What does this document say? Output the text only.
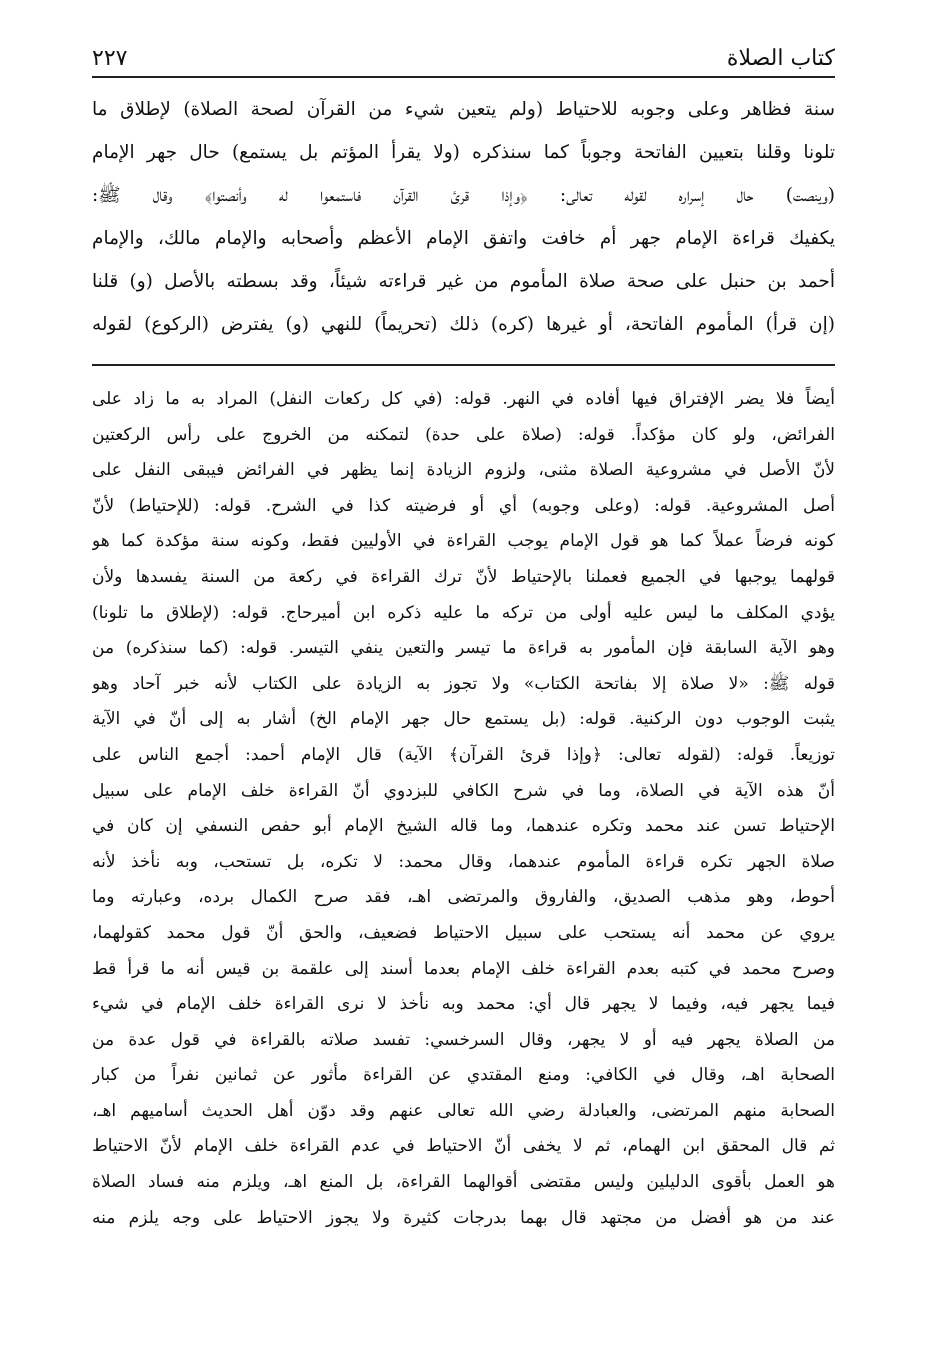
كتاب الصلاة
٢٢٧
سنة فظاهر وعلى وجوبه للاحتياط (ولم يتعين شيء من القرآن لصحة الصلاة) لإطلاق ما
تلونا وقلنا بتعيين الفاتحة وجوباً كما سنذكره (ولا يقرأ المؤتم بل يستمع) حال جهر الإمام
(وينصت) حال إسراره لقوله تعالى: ﴿وإذا قرئ القرآن فاستمعوا له وأنصتوا﴾ وقال ﷺ:
يكفيك قراءة الإمام جهر أم خافت واتفق الإمام الأعظم وأصحابه والإمام مالك، والإمام
أحمد بن حنبل على صحة صلاة المأموم من غير قراءته شيئاً، وقد بسطته بالأصل (و) قلنا
(إن قرأ) المأموم الفاتحة، أو غيرها (كره) ذلك (تحريماً) للنهي (و) يفترض (الركوع) لقوله
أيضاً فلا يضر الإفتراق فيها أفاده في النهر. قوله: (في كل ركعات النفل) المراد به ما زاد على
الفرائض، ولو كان مؤكداً. قوله: (صلاة على حدة) لتمكنه من الخروج على رأس الركعتين
لأنّ الأصل في مشروعية الصلاة مثنى، ولزوم الزيادة إنما يظهر في الفرائض فيبقى النفل على
أصل المشروعية. قوله: (وعلى وجوبه) أي أو فرضيته كذا في الشرح. قوله: (للإحتياط) لأنّ
كونه فرضاً عملاً كما هو قول الإمام يوجب القراءة في الأوليين فقط، وكونه سنة مؤكدة كما هو
قولهما يوجبها في الجميع فعملنا بالإحتياط لأنّ ترك القراءة في ركعة من السنة يفسدها ولأن
يؤدي المكلف ما ليس عليه أولى من تركه ما عليه ذكره ابن أميرحاج. قوله: (لإطلاق ما تلونا)
وهو الآية السابقة فإن المأمور به قراءة ما تيسر والتعين ينفي التيسر. قوله: (كما سنذكره) من
قوله ﷺ: «لا صلاة إلا بفاتحة الكتاب» ولا تجوز به الزيادة على الكتاب لأنه خبر آحاد وهو
يثبت الوجوب دون الركنية. قوله: (بل يستمع حال جهر الإمام الخ) أشار به إلى أنّ في الآية
توزيعاً. قوله: (لقوله تعالى: ﴿وإذا قرئ القرآن﴾ الآية) قال الإمام أحمد: أجمع الناس على
أنّ هذه الآية في الصلاة، وما في شرح الكافي للبزدوي أنّ القراءة خلف الإمام على سبيل
الإحتياط تسن عند محمد وتكره عندهما، وما قاله الشيخ الإمام أبو حفص النسفي إن كان في
صلاة الجهر تكره قراءة المأموم عندهما، وقال محمد: لا تكره، بل تستحب، وبه نأخذ لأنه
أحوط، وهو مذهب الصديق، والفاروق والمرتضى اهـ، فقد صرح الكمال برده، وعبارته وما
يروي عن محمد أنه يستحب على سبيل الاحتياط فضعيف، والحق أنّ قول محمد كقولهما،
وصرح محمد في كتبه بعدم القراءة خلف الإمام بعدما أسند إلى علقمة بن قيس أنه ما قرأ قط
فيما يجهر فيه، وفيما لا يجهر قال أي: محمد وبه نأخذ لا نرى القراءة خلف الإمام في شيء
من الصلاة يجهر فيه أو لا يجهر، وقال السرخسي: تفسد صلاته بالقراءة في قول عدة من
الصحابة اهـ، وقال في الكافي: ومنع المقتدي عن القراءة مأثور عن ثمانين نفراً من كبار
الصحابة منهم المرتضى، والعبادلة رضي الله تعالى عنهم وقد دوّن أهل الحديث أساميهم اهـ،
ثم قال المحقق ابن الهمام، ثم لا يخفى أنّ الاحتياط في عدم القراءة خلف الإمام لأنّ الاحتياط
هو العمل بأقوى الدليلين وليس مقتضى أقوالهما القراءة، بل المنع اهـ، ويلزم منه فساد الصلاة
عند من هو أفضل من مجتهد قال بهما بدرجات كثيرة ولا يجوز الاحتياط على وجه يلزم منه
